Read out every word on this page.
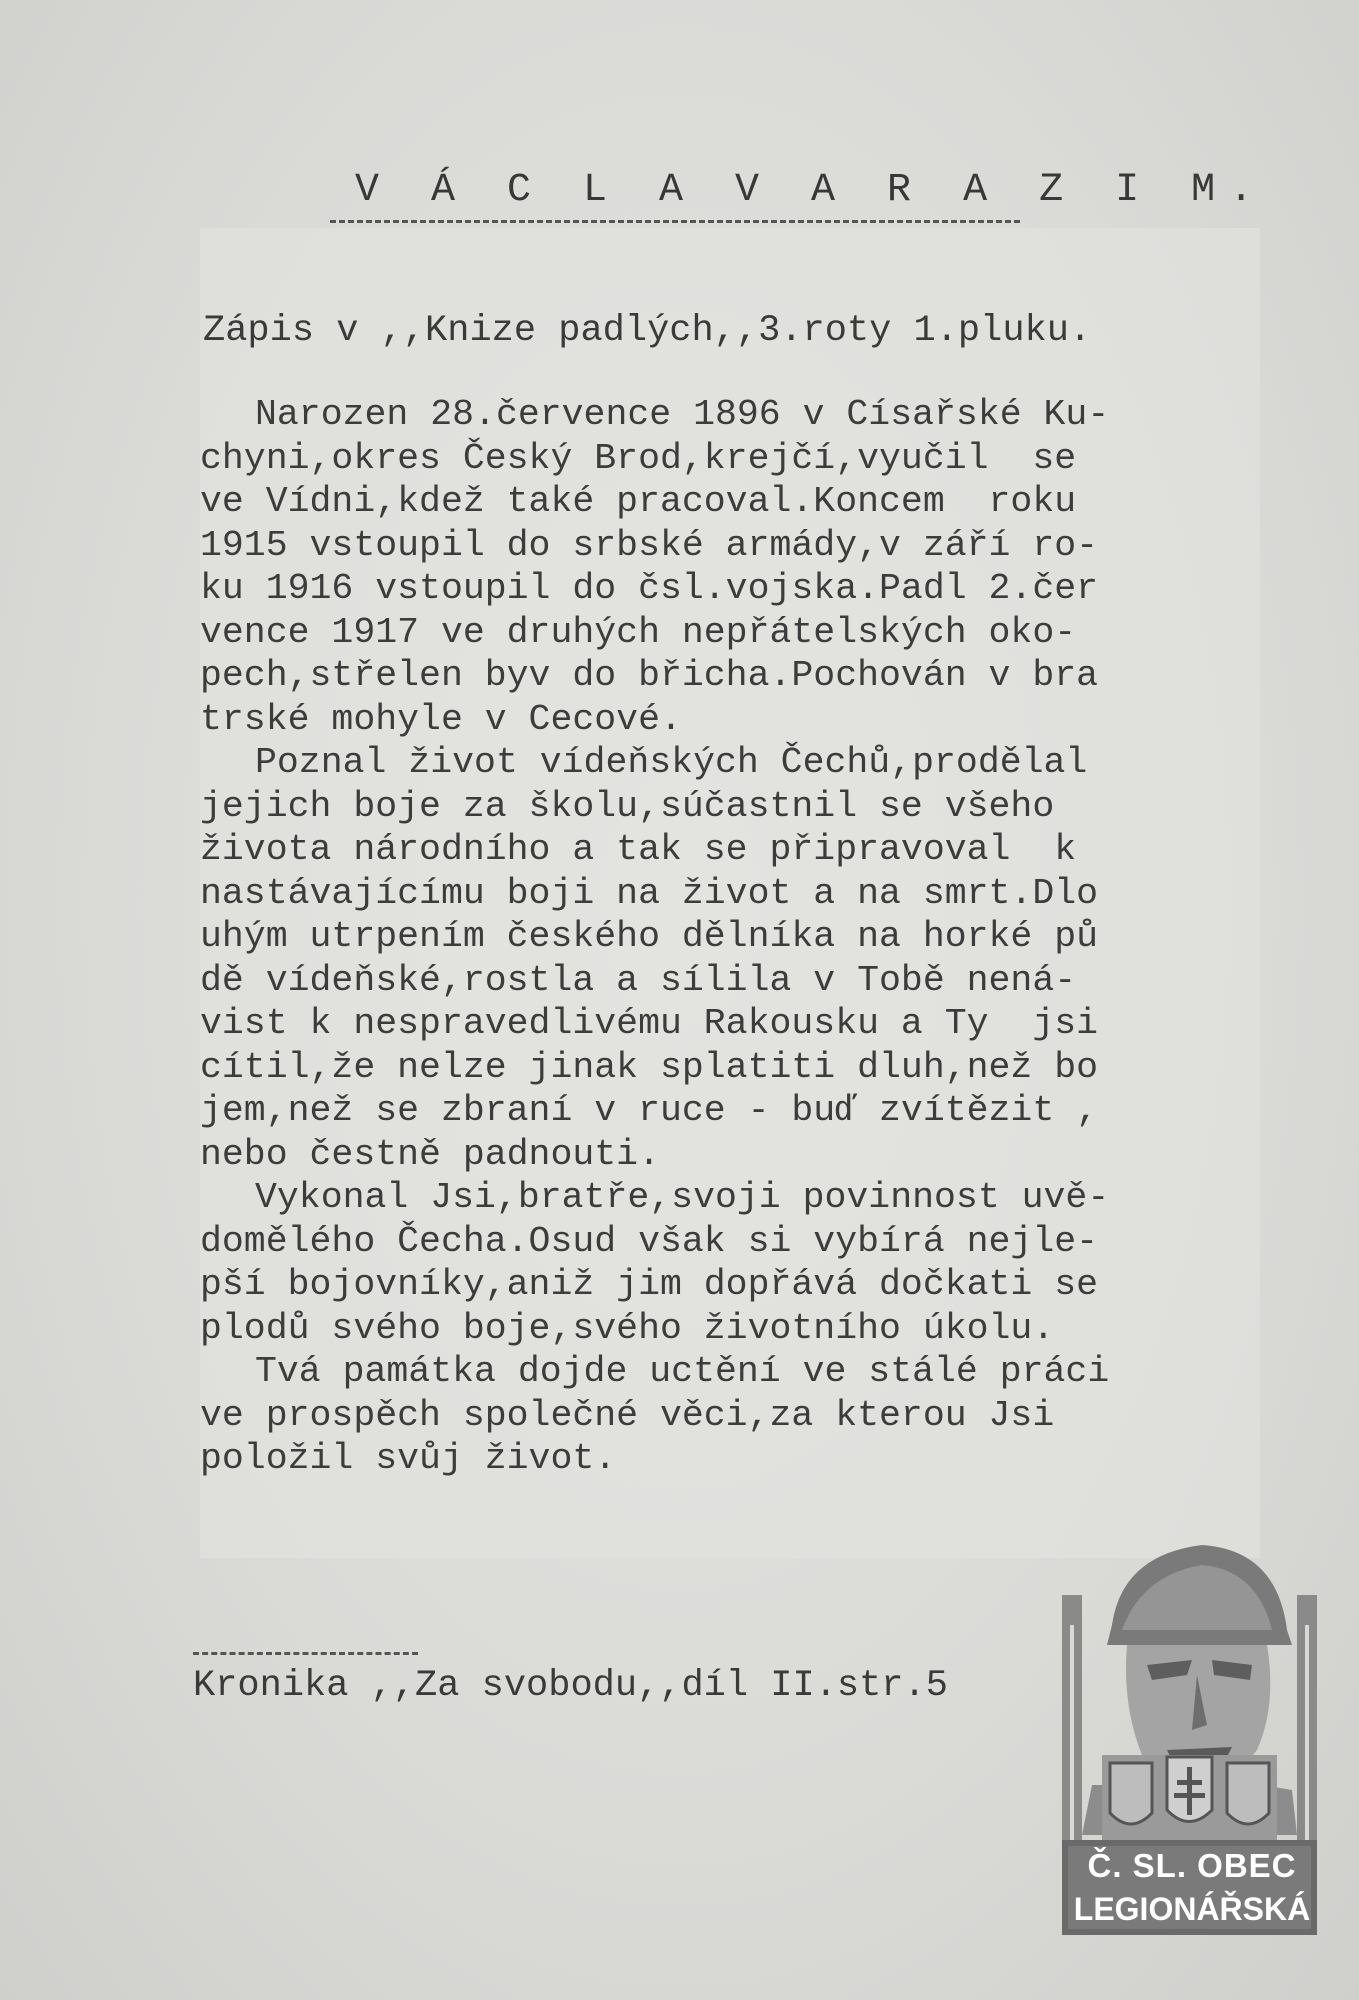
V Á C L A V A R A Z I M.
Zápis v ,,Knize padlých,,3.roty 1.pluku.
Narozen 28.července 1896 v Císařské Ku-
chyni,okres Český Brod,krejčí,vyučil  se
ve Vídni,kdež také pracoval.Koncem  roku
1915 vstoupil do srbské armády,v září ro-
ku 1916 vstoupil do čsl.vojska.Padl 2.čer
vence 1917 ve druhých nepřátelských oko-
pech,střelen byv do břicha.Pochován v bra
trské mohyle v Cecové.
Poznal život vídeňských Čechů,prodělal
jejich boje za školu,súčastnil se všeho
života národního a tak se připravoval  k
nastávajícímu boji na život a na smrt.Dlo
uhým utrpením českého dělníka na horké pů
dě vídeňské,rostla a sílila v Tobě nená-
vist k nespravedlivému Rakousku a Ty  jsi
cítil,že nelze jinak splatiti dluh,než bo
jem,než se zbraní v ruce - buď zvítězit ,
nebo čestně padnouti.
Vykonal Jsi,bratře,svoji povinnost uvě-
domělého Čecha.Osud však si vybírá nejle-
pší bojovníky,aniž jim dopřává dočkati se
plodů svého boje,svého životního úkolu.
Tvá památka dojde uctění ve stálé práci
ve prospěch společné věci,za kterou Jsi
položil svůj život.
Kronika ,,Za svobodu,,díl II.str.5
Č. SL. OBEC
LEGIONÁŘSKÁ
